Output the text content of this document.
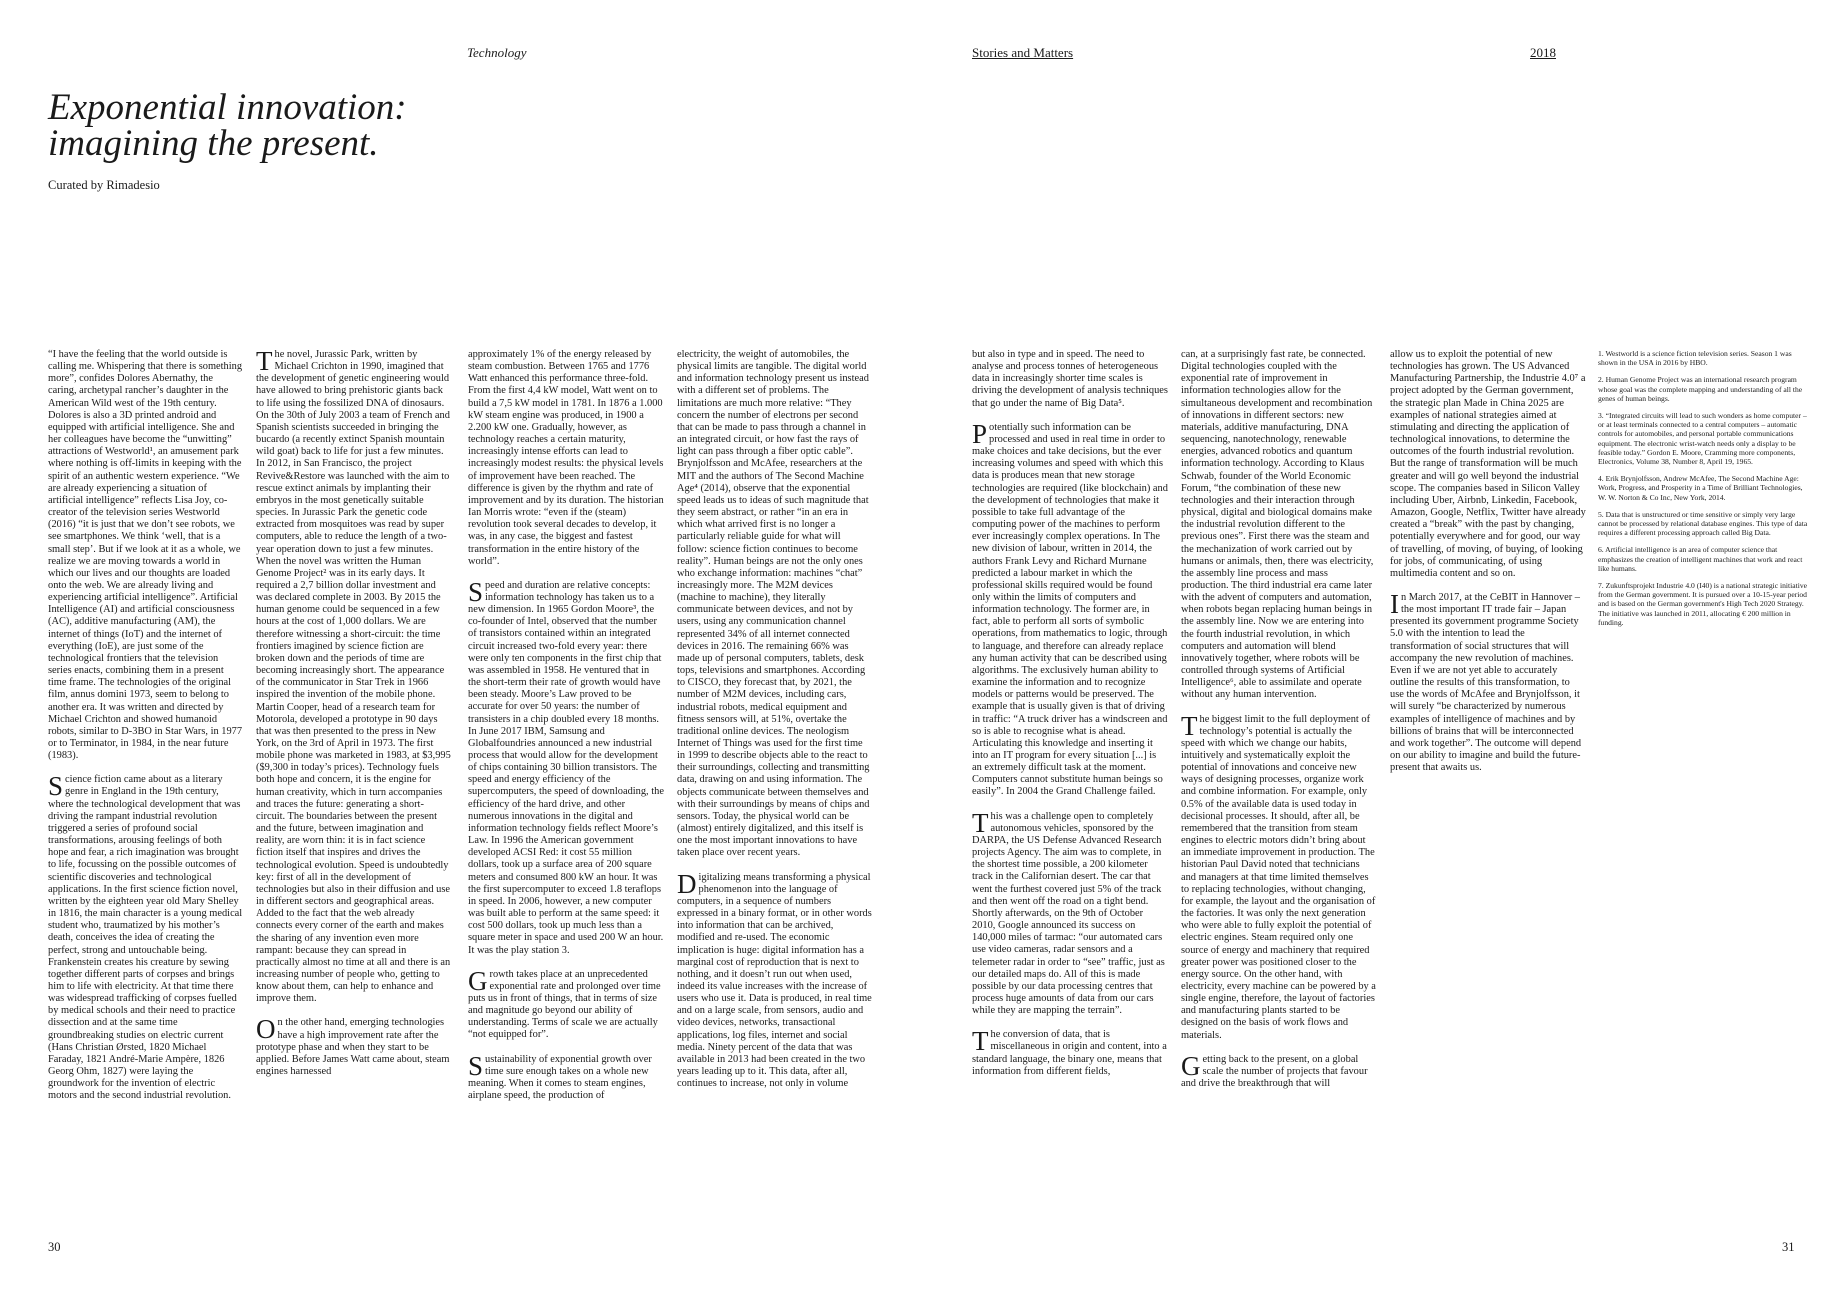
Technology	Stories and Matters	2018
Exponential innovation:
imagining the present.
Curated by Rimadesio

“I have the feeling that the world outside is calling me. Whispering that there is something more”, confides Dolores Abernathy, the caring, archetypal rancher’s daughter in the American Wild west of the 19th century. Dolores is also a 3D printed android and equipped with artificial intelligence. She and her colleagues have become the “unwitting” attractions of Westworld¹, an amusement park where nothing is off-limits in keeping with the spirit of an authentic western experience. “We are already experiencing a situation of artificial intelligence” reflects Lisa Joy, co-creator of the television series Westworld (2016) “it is just that we don’t see robots, we see smartphones. We think ‘well, that is a small step’. But if we look at it as a whole, we realize we are moving towards a world in which our lives and our thoughts are loaded onto the web. We are already living and experiencing artificial intelligence”. Artificial Intelligence (AI) and artificial consciousness (AC), additive manufacturing (AM), the internet of things (IoT) and the internet of everything (IoE), are just some of the technological frontiers that the television series enacts, combining them in a present time frame. The technologies of the original film, annus domini 1973, seem to belong to another era. It was written and directed by Michael Crichton and showed humanoid robots, similar to D-3BO in Star Wars, in 1977 or to Terminator, in 1984, in the near future (1983).

Science fiction came about as a literary genre in England in the 19th century, where the technological development that was driving the rampant industrial revolution triggered a series of profound social transformations, arousing feelings of both hope and fear, a rich imagination was brought to life, focussing on the possible outcomes of scientific discoveries and technological applications. In the first science fiction novel, written by the eighteen year old Mary Shelley in 1816, the main character is a young medical student who, traumatized by his mother’s death, conceives the idea of creating the perfect, strong and untouchable being. Frankenstein creates his creature by sewing together different parts of corpses and brings him to life with electricity. At that time there was widespread trafficking of corpses fuelled by medical schools and their need to practice dissection and at the same time groundbreaking studies on electric current (Hans Christian Ørsted, 1820 Michael Faraday, 1821 André-Marie Ampère, 1826 Georg Ohm, 1827) were laying the groundwork for the invention of electric motors and the second industrial revolution.

The novel, Jurassic Park, written by Michael Crichton in 1990, imagined that the development of genetic engineering would have allowed to bring prehistoric giants back to life using the fossilized DNA of dinosaurs. On the 30th of July 2003 a team of French and Spanish scientists succeeded in bringing the bucardo (a recently extinct Spanish mountain wild goat) back to life for just a few minutes. In 2012, in San Francisco, the project Revive&Restore was launched with the aim to rescue extinct animals by implanting their embryos in the most genetically suitable species. In Jurassic Park the genetic code extracted from mosquitoes was read by super computers, able to reduce the length of a two-year operation down to just a few minutes. When the novel was written the Human Genome Project² was in its early days. It required a 2,7 billion dollar investment and was declared complete in 2003. By 2015 the human genome could be sequenced in a few hours at the cost of 1,000 dollars. We are therefore witnessing a short-circuit: the time frontiers imagined by science fiction are broken down and the periods of time are becoming increasingly short. The appearance of the communicator in Star Trek in 1966 inspired the invention of the mobile phone. Martin Cooper, head of a research team for Motorola, developed a prototype in 90 days that was then presented to the press in New York, on the 3rd of April in 1973. The first mobile phone was marketed in 1983, at $3,995 ($9,300 in today’s prices). Technology fuels both hope and concern, it is the engine for human creativity, which in turn accompanies and traces the future: generating a short-circuit. The boundaries between the present and the future, between imagination and reality, are worn thin: it is in fact science fiction itself that inspires and drives the technological evolution. Speed is undoubtedly key: first of all in the development of technologies but also in their diffusion and use in different sectors and geographical areas. Added to the fact that the web already connects every corner of the earth and makes the sharing of any invention even more rampant: because they can spread in practically almost no time at all and there is an increasing number of people who, getting to know about them, can help to enhance and improve them.

On the other hand, emerging technologies have a high improvement rate after the prototype phase and when they start to be applied. Before James Watt came about, steam engines harnessed

approximately 1% of the energy released by steam combustion. Between 1765 and 1776 Watt enhanced this performance three-fold. From the first 4,4 kW model, Watt went on to build a 7,5 kW model in 1781. In 1876 a 1.000 kW steam engine was produced, in 1900 a 2.200 kW one. Gradually, however, as technology reaches a certain maturity, increasingly intense efforts can lead to increasingly modest results: the physical levels of improvement have been reached. The difference is given by the rhythm and rate of improvement and by its duration. The historian Ian Morris wrote: “even if the (steam) revolution took several decades to develop, it was, in any case, the biggest and fastest transformation in the entire history of the world”.

Speed and duration are relative concepts: information technology has taken us to a new dimension. In 1965 Gordon Moore³, the co-founder of Intel, observed that the number of transistors contained within an integrated circuit increased two-fold every year: there were only ten components in the first chip that was assembled in 1958. He ventured that in the short-term their rate of growth would have been steady. Moore’s Law proved to be accurate for over 50 years: the number of transisters in a chip doubled every 18 months. In June 2017 IBM, Samsung and Globalfoundries announced a new industrial process that would allow for the development of chips containing 30 billion transistors. The speed and energy efficiency of the supercomputers, the speed of downloading, the efficiency of the hard drive, and other numerous innovations in the digital and information technology fields reflect Moore’s Law. In 1996 the American government developed ACSI Red: it cost 55 million dollars, took up a surface area of 200 square meters and consumed 800 kW an hour. It was the first supercomputer to exceed 1.8 teraflops in speed. In 2006, however, a new computer was built able to perform at the same speed: it cost 500 dollars, took up much less than a square meter in space and used 200 W an hour. It was the play station 3.

Growth takes place at an unprecedented exponential rate and prolonged over time puts us in front of things, that in terms of size and magnitude go beyond our ability of understanding. Terms of scale we are actually “not equipped for”.

Sustainability of exponential growth over time sure enough takes on a whole new meaning. When it comes to steam engines, airplane speed, the production of

electricity, the weight of automobiles, the physical limits are tangible. The digital world and information technology present us instead with a different set of problems. The limitations are much more relative: “They concern the number of electrons per second that can be made to pass through a channel in an integrated circuit, or how fast the rays of light can pass through a fiber optic cable”. Brynjolfsson and McAfee, researchers at the MIT and the authors of The Second Machine Age⁴ (2014), observe that the exponential speed leads us to ideas of such magnitude that they seem abstract, or rather “in an era in which what arrived first is no longer a particularly reliable guide for what will follow: science fiction continues to become reality”. Human beings are not the only ones who exchange information: machines “chat” increasingly more. The M2M devices (machine to machine), they literally communicate between devices, and not by users, using any communication channel represented 34% of all internet connected devices in 2016. The remaining 66% was made up of personal computers, tablets, desk tops, televisions and smartphones. According to CISCO, they forecast that, by 2021, the number of M2M devices, including cars, industrial robots, medical equipment and fitness sensors will, at 51%, overtake the traditional online devices. The neologism Internet of Things was used for the first time in 1999 to describe objects able to the react to their surroundings, collecting and transmitting data, drawing on and using information. The objects communicate between themselves and with their surroundings by means of chips and sensors. Today, the physical world can be (almost) entirely digitalized, and this itself is one the most important innovations to have taken place over recent years.

Digitalizing means transforming a physical phenomenon into the language of computers, in a sequence of numbers expressed in a binary format, or in other words into information that can be archived, modified and re-used. The economic implication is huge: digital information has a marginal cost of reproduction that is next to nothing, and it doesn’t run out when used, indeed its value increases with the increase of users who use it. Data is produced, in real time and on a large scale, from sensors, audio and video devices, networks, transactional applications, log files, internet and social media. Ninety percent of the data that was available in 2013 had been created in the two years leading up to it. This data, after all, continues to increase, not only in volume

but also in type and in speed. The need to analyse and process tonnes of heterogeneous data in increasingly shorter time scales is driving the development of analysis techniques that go under the name of Big Data⁵.

Potentially such information can be processed and used in real time in order to make choices and take decisions, but the ever increasing volumes and speed with which this data is produces mean that new storage technologies are required (like blockchain) and the development of technologies that make it possible to take full advantage of the computing power of the machines to perform ever increasingly complex operations. In The new division of labour, written in 2014, the authors Frank Levy and Richard Murnane predicted a labour market in which the professional skills required would be found only within the limits of computers and information technology. The former are, in fact, able to perform all sorts of symbolic operations, from mathematics to logic, through to language, and therefore can already replace any human activity that can be described using algorithms. The exclusively human ability to examine the information and to recognize models or patterns would be preserved. The example that is usually given is that of driving in traffic: “A truck driver has a windscreen and so is able to recognise what is ahead. Articulating this knowledge and inserting it into an IT program for every situation [...] is an extremely difficult task at the moment. Computers cannot substitute human beings so easily”. In 2004 the Grand Challenge failed.

This was a challenge open to completely autonomous vehicles, sponsored by the DARPA, the US Defense Advanced Research projects Agency. The aim was to complete, in the shortest time possible, a 200 kilometer track in the Californian desert. The car that went the furthest covered just 5% of the track and then went off the road on a tight bend. Shortly afterwards, on the 9th of October 2010, Google announced its success on 140,000 miles of tarmac: “our automated cars use video cameras, radar sensors and a telemeter radar in order to “see” traffic, just as our detailed maps do. All of this is made possible by our data processing centres that process huge amounts of data from our cars while they are mapping the terrain”.

The conversion of data, that is miscellaneous in origin and content, into a standard language, the binary one, means that information from different fields,

can, at a surprisingly fast rate, be connected. Digital technologies coupled with the exponential rate of improvement in information technologies allow for the simultaneous development and recombination of innovations in different sectors: new materials, additive manufacturing, DNA sequencing, nanotechnology, renewable energies, advanced robotics and quantum information technology. According to Klaus Schwab, founder of the World Economic Forum, “the combination of these new technologies and their interaction through physical, digital and biological domains make the industrial revolution different to the previous ones”. First there was the steam and the mechanization of work carried out by humans or animals, then, there was electricity, the assembly line process and mass production. The third industrial era came later with the advent of computers and automation, when robots began replacing human beings in the assembly line. Now we are entering into the fourth industrial revolution, in which computers and automation will blend innovatively together, where robots will be controlled through systems of Artificial Intelligence⁶, able to assimilate and operate without any human intervention.

The biggest limit to the full deployment of technology’s potential is actually the speed with which we change our habits, intuitively and systematically exploit the potential of innovations and conceive new ways of designing processes, organize work and combine information. For example, only 0.5% of the available data is used today in decisional processes. It should, after all, be remembered that the transition from steam engines to electric motors didn’t bring about an immediate improvement in production. The historian Paul David noted that technicians and managers at that time limited themselves to replacing technologies, without changing, for example, the layout and the organisation of the factories. It was only the next generation who were able to fully exploit the potential of electric engines. Steam required only one source of energy and machinery that required greater power was positioned closer to the energy source. On the other hand, with electricity, every machine can be powered by a single engine, therefore, the layout of factories and manufacturing plants started to be designed on the basis of work flows and materials.

Getting back to the present, on a global scale the number of projects that favour and drive the breakthrough that will

allow us to exploit the potential of new technologies has grown. The US Advanced Manufacturing Partnership, the Industrie 4.0⁷ a project adopted by the German government, the strategic plan Made in China 2025 are examples of national strategies aimed at stimulating and directing the application of technological innovations, to determine the outcomes of the fourth industrial revolution. But the range of transformation will be much greater and will go well beyond the industrial scope. The companies based in Silicon Valley including Uber, Airbnb, Linkedin, Facebook, Amazon, Google, Netflix, Twitter have already created a “break” with the past by changing, potentially everywhere and for good, our way of travelling, of moving, of buying, of looking for jobs, of communicating, of using multimedia content and so on.

In March 2017, at the CeBIT in Hannover – the most important IT trade fair – Japan presented its government programme Society 5.0 with the intention to lead the transformation of social structures that will accompany the new revolution of machines. Even if we are not yet able to accurately outline the results of this transformation, to use the words of McAfee and Brynjolfsson, it will surely “be characterized by numerous examples of intelligence of machines and by billions of brains that will be interconnected and work together”. The outcome will depend on our ability to imagine and build the future-present that awaits us.

1. Westworld is a science fiction television series. Season 1 was shown in the USA in 2016 by HBO.

2. Human Genome Project was an international research program whose goal was the complete mapping and understanding of all the genes of human beings.

3. “Integrated circuits will lead to such wonders as home computer – or at least terminals connected to a central computers – automatic controls for automobiles, and personal portable communications equipment. The electronic wrist-watch needs only a display to be feasible today.” Gordon E. Moore, Cramming more components, Electronics, Volume 38, Number 8, April 19, 1965.

4. Erik Brynjolfsson, Andrew McAfee, The Second Machine Age: Work, Progress, and Prosperity in a Time of Brilliant Technologies, W. W. Norton & Co Inc, New York, 2014.

5. Data that is unstructured or time sensitive or simply very large cannot be processed by relational database engines. This type of data requires a different processing approach called Big Data.

6. Artificial intelligence is an area of computer science that emphasizes the creation of intelligent machines that work and react like humans.

7. Zukunftsprojekt Industrie 4.0 (I40) is a national strategic initiative from the German government. It is pursued over a 10-15-year period and is based on the German government's High Tech 2020 Strategy. The initiative was launched in 2011, allocating € 200 million in funding.

30	31
